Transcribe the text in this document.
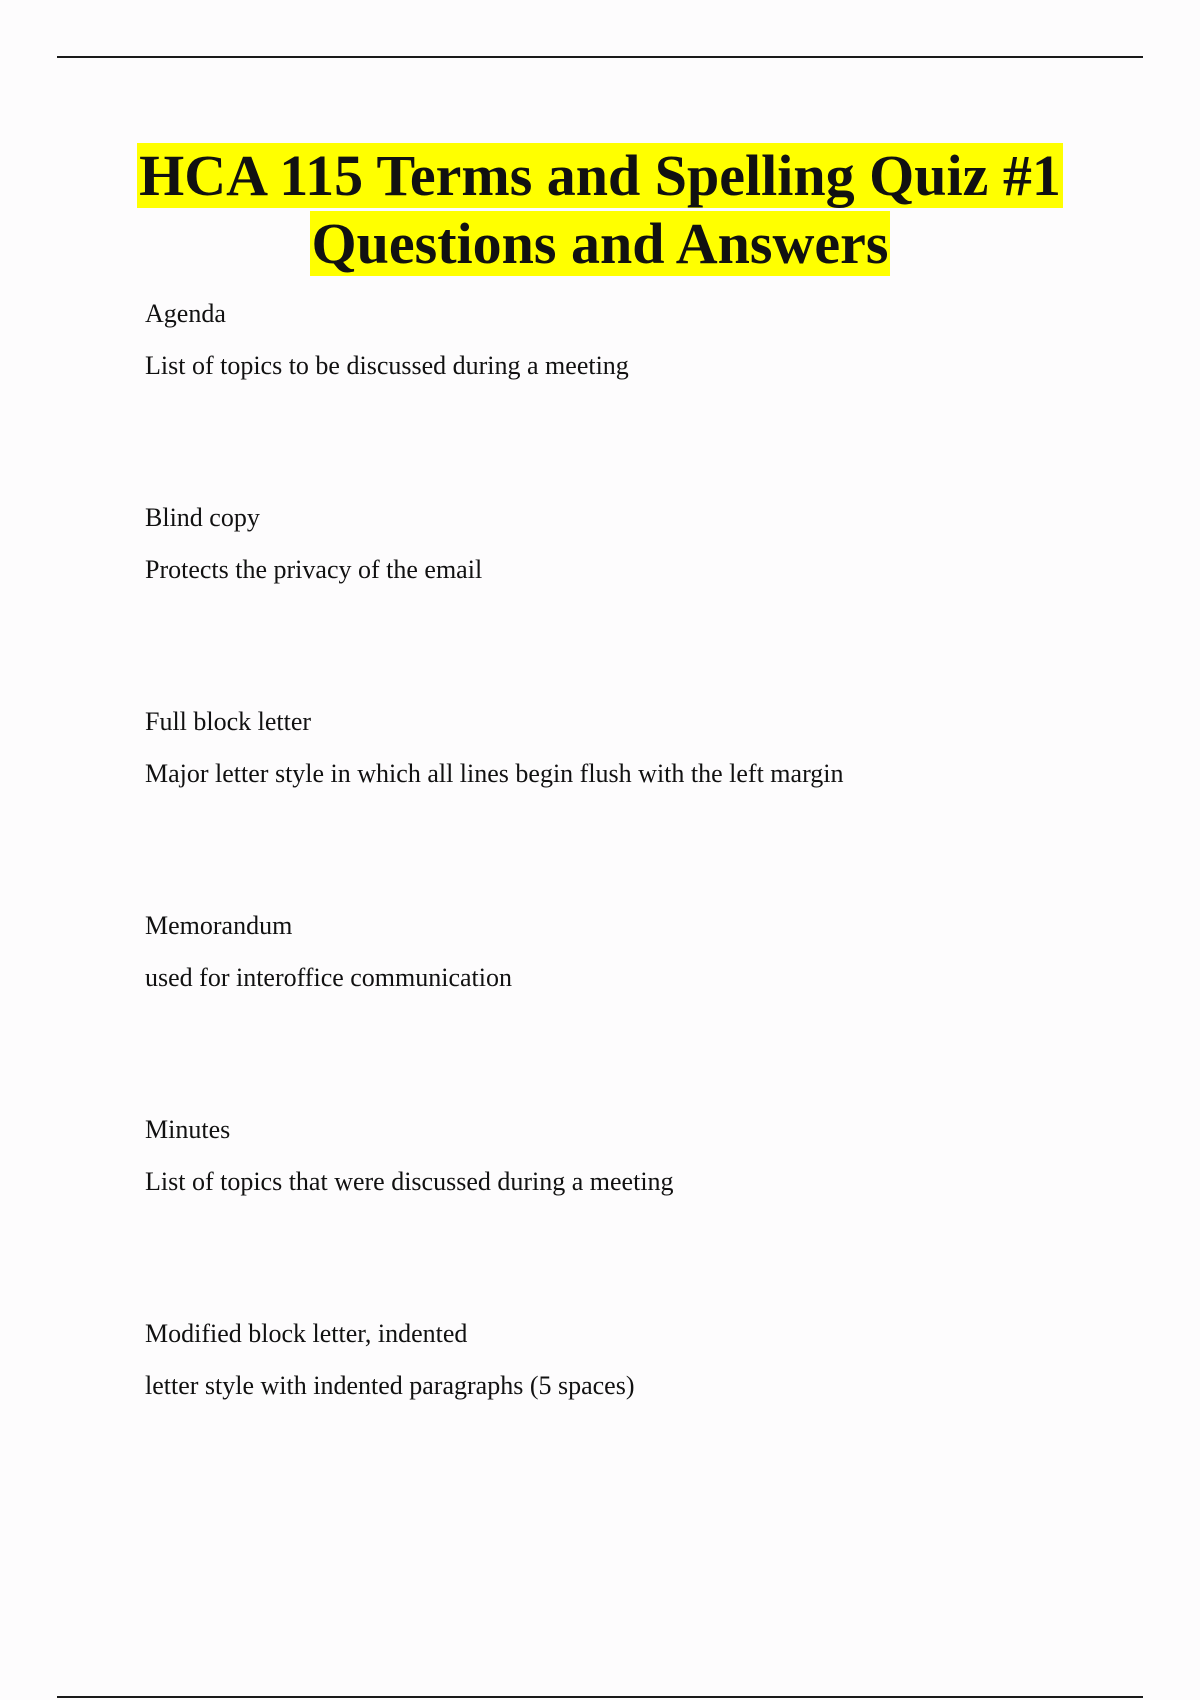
HCA 115 Terms and Spelling Quiz #1
Questions and Answers
Agenda
List of topics to be discussed during a meeting
Blind copy
Protects the privacy of the email
Full block letter
Major letter style in which all lines begin flush with the left margin
Memorandum
used for interoffice communication
Minutes
List of topics that were discussed during a meeting
Modified block letter, indented
letter style with indented paragraphs (5 spaces)
